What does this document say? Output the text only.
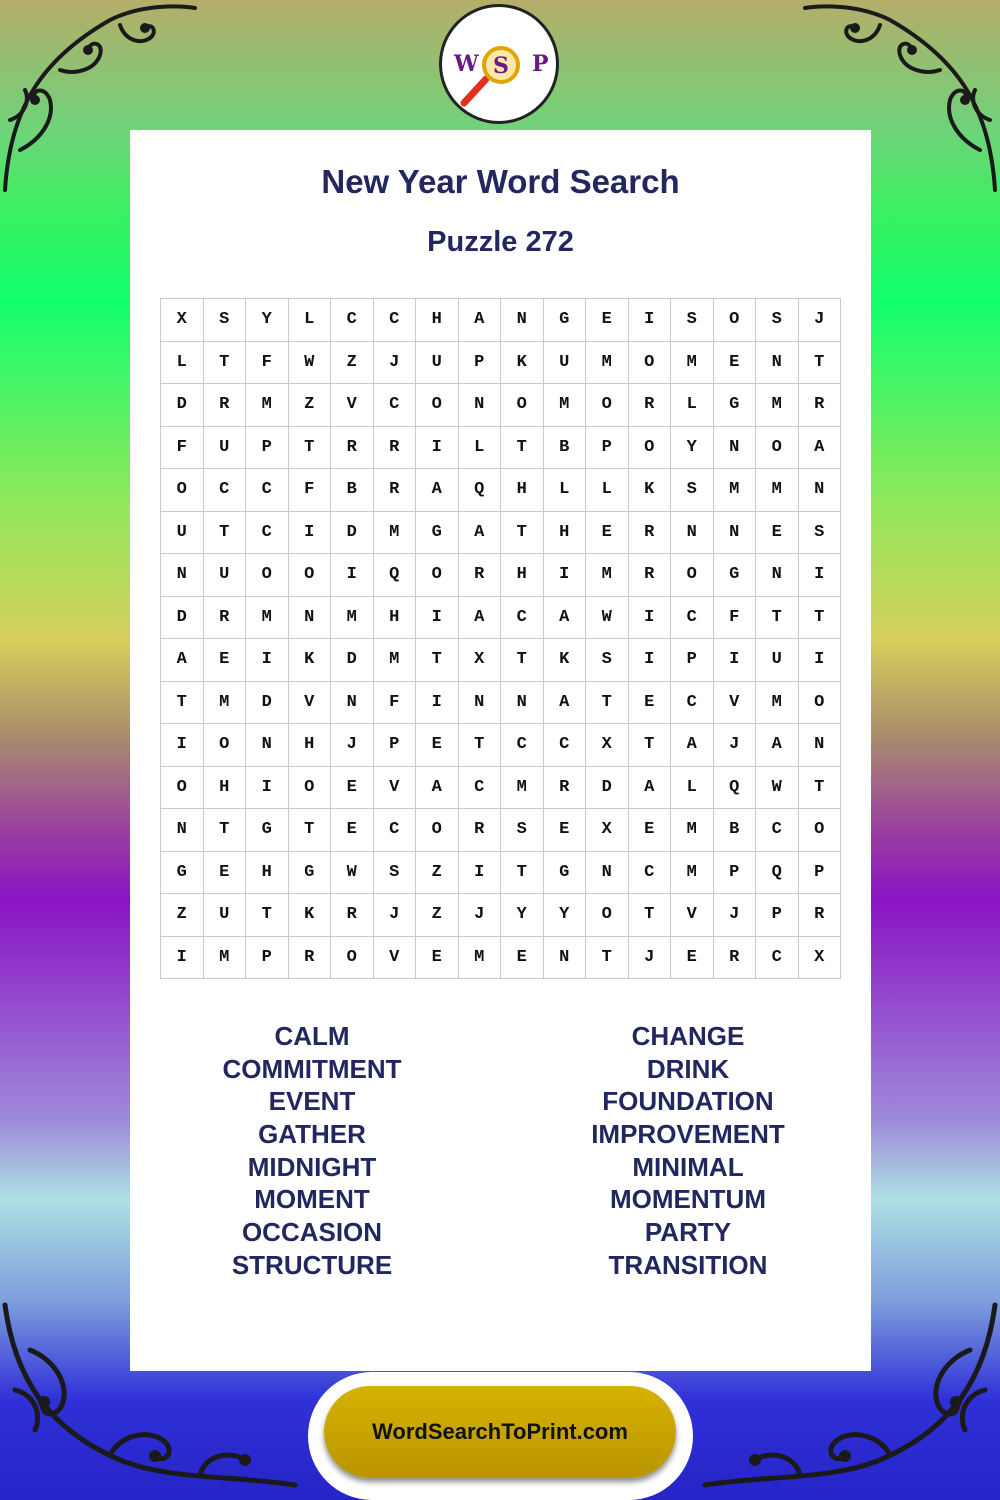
W S P
New Year Word Search
Puzzle 272
X	S	Y	L	C	C	H	A	N	G	E	I	S	O	S	J
L	T	F	W	Z	J	U	P	K	U	M	O	M	E	N	T
D	R	M	Z	V	C	O	N	O	M	O	R	L	G	M	R
F	U	P	T	R	R	I	L	T	B	P	O	Y	N	O	A
O	C	C	F	B	R	A	Q	H	L	L	K	S	M	M	N
U	T	C	I	D	M	G	A	T	H	E	R	N	N	E	S
N	U	O	O	I	Q	O	R	H	I	M	R	O	G	N	I
D	R	M	N	M	H	I	A	C	A	W	I	C	F	T	T
A	E	I	K	D	M	T	X	T	K	S	I	P	I	U	I
T	M	D	V	N	F	I	N	N	A	T	E	C	V	M	O
I	O	N	H	J	P	E	T	C	C	X	T	A	J	A	N
O	H	I	O	E	V	A	C	M	R	D	A	L	Q	W	T
N	T	G	T	E	C	O	R	S	E	X	E	M	B	C	O
G	E	H	G	W	S	Z	I	T	G	N	C	M	P	Q	P
Z	U	T	K	R	J	Z	J	Y	Y	O	T	V	J	P	R
I	M	P	R	O	V	E	M	E	N	T	J	E	R	C	X
CALM
COMMITMENT
EVENT
GATHER
MIDNIGHT
MOMENT
OCCASION
STRUCTURE
CHANGE
DRINK
FOUNDATION
IMPROVEMENT
MINIMAL
MOMENTUM
PARTY
TRANSITION
WordSearchToPrint.com
